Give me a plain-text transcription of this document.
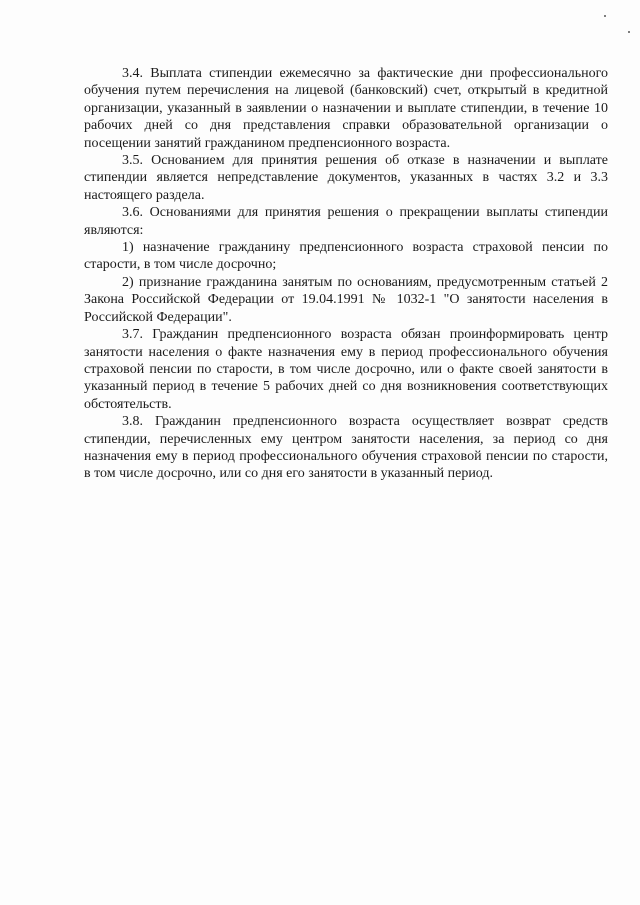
3.4. Выплата стипендии ежемесячно за фактические дни профессионального обучения путем перечисления на лицевой (банковский) счет, открытый в кредитной организации, указанный в заявлении о назначении и выплате стипендии, в течение 10 рабочих дней со дня представления справки образовательной организации о посещении занятий гражданином предпенсионного возраста.

3.5. Основанием для принятия решения об отказе в назначении и выплате стипендии является непредставление документов, указанных в частях 3.2 и 3.3 настоящего раздела.

3.6. Основаниями для принятия решения о прекращении выплаты стипендии являются:

1) назначение гражданину предпенсионного возраста страховой пенсии по старости, в том числе досрочно;

2) признание гражданина занятым по основаниям, предусмотренным статьей 2 Закона Российской Федерации от 19.04.1991 № 1032-1 "О занятости населения в Российской Федерации".

3.7. Гражданин предпенсионного возраста обязан проинформировать центр занятости населения о факте назначения ему в период профессионального обучения страховой пенсии по старости, в том числе досрочно, или о факте своей занятости в указанный период в течение 5 рабочих дней со дня возникновения соответствующих обстоятельств.

3.8. Гражданин предпенсионного возраста осуществляет возврат средств стипендии, перечисленных ему центром занятости населения, за период со дня назначения ему в период профессионального обучения страховой пенсии по старости, в том числе досрочно, или со дня его занятости в указанный период.
